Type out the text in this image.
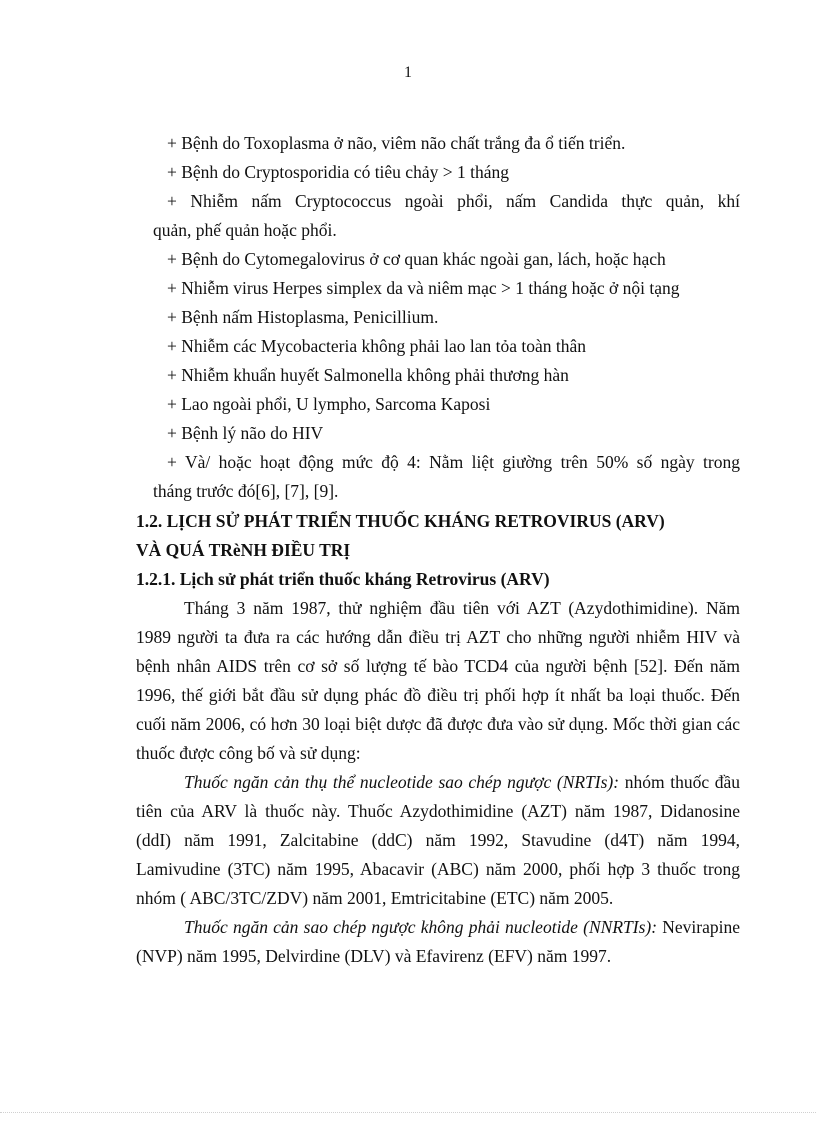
1

+ Bệnh do Toxoplasma ở não, viêm não chất trắng đa ổ tiến triển.

+ Bệnh do Cryptosporidia có tiêu chảy > 1 tháng

+ Nhiễm nấm Cryptococcus ngoài phổi, nấm Candida thực quản, khí

quản, phế quản hoặc phổi.

+ Bệnh do Cytomegalovirus ở cơ quan khác ngoài gan, lách, hoặc hạch

+ Nhiễm virus Herpes simplex da và niêm mạc > 1 tháng hoặc ở nội tạng

+ Bệnh nấm Histoplasma, Penicillium.

+ Nhiễm các Mycobacteria không phải lao lan tỏa toàn thân

+ Nhiễm khuẩn huyết Salmonella không phải thương hàn

+ Lao ngoài phổi, U lympho, Sarcoma Kaposi

+ Bệnh lý não do HIV

+ Và/ hoặc hoạt động mức độ 4: Nằm liệt giường trên 50% số ngày trong

tháng trước đó[6], [7], [9].

1.2. LỊCH SỬ PHÁT TRIỂN THUỐC KHÁNG RETROVIRUS (ARV)

VÀ QUÁ TRèNH ĐIỀU TRỊ

1.2.1. Lịch sử phát triển thuốc kháng Retrovirus (ARV)

Tháng 3 năm 1987, thử nghiệm đầu tiên với AZT (Azydothimidine). Năm 1989 người ta đưa ra các hướng dẫn điều trị AZT cho những người nhiễm HIV và bệnh nhân AIDS trên cơ sở số lượng tế bào TCD4 của người bệnh [52]. Đến năm 1996, thế giới bắt đầu sử dụng phác đồ điều trị phối hợp ít nhất ba loại thuốc. Đến cuối năm 2006, có hơn 30 loại biệt dược đã được đưa vào sử dụng. Mốc thời gian các thuốc được công bố và sử dụng:

Thuốc ngăn cản thụ thể nucleotide sao chép ngược (NRTIs): nhóm thuốc đầu tiên của ARV là thuốc này. Thuốc Azydothimidine (AZT) năm 1987, Didanosine (ddI) năm 1991, Zalcitabine (ddC) năm 1992, Stavudine (d4T) năm 1994, Lamivudine (3TC) năm 1995, Abacavir (ABC) năm 2000, phối hợp 3 thuốc trong nhóm ( ABC/3TC/ZDV) năm 2001, Emtricitabine (ETC) năm 2005.

Thuốc ngăn cản sao chép ngược không phải nucleotide (NNRTIs): Nevirapine (NVP) năm 1995, Delvirdine (DLV) và Efavirenz (EFV) năm 1997.
